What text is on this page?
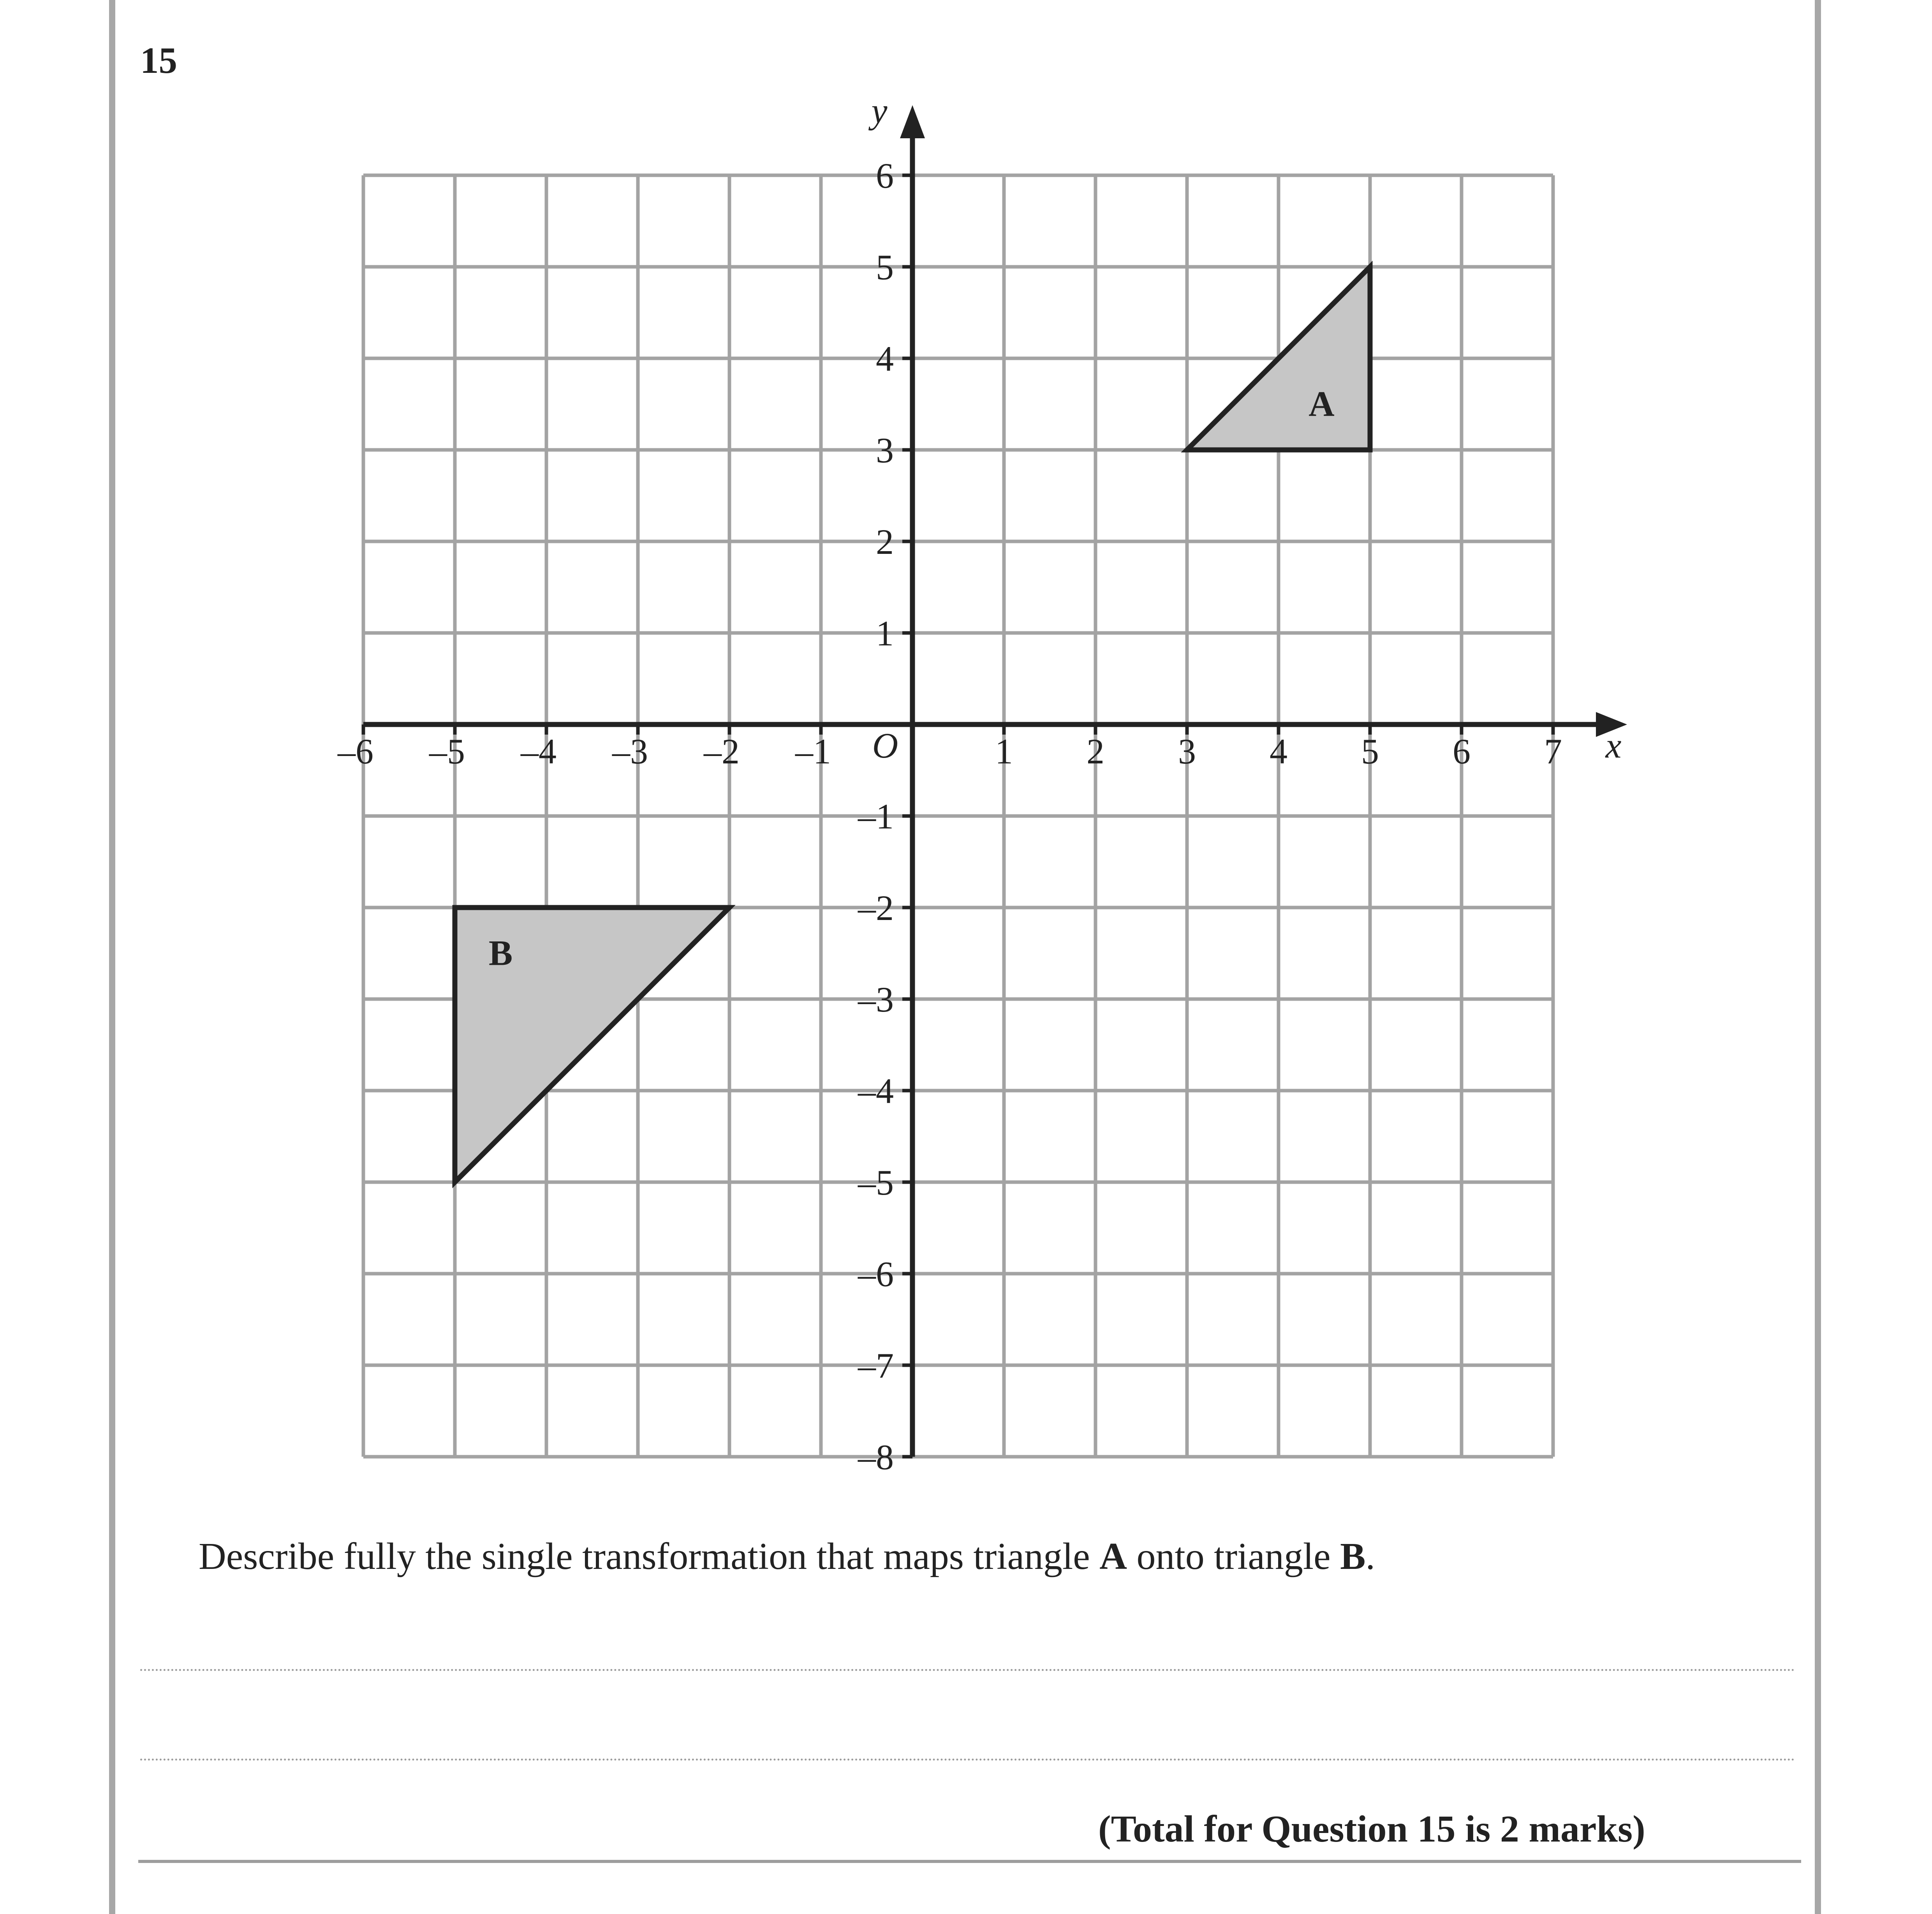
15
–6 –5 –4 –3 –2 –1	1 2 3 4 5 6 7
6
5
4
3
2
1
–1
–2
–3
–4
–5
–6
–7
–8
O	x
y
A
B
Describe fully the single transformation that maps triangle A onto triangle B.
(Total for Question 15 is 2 marks)
